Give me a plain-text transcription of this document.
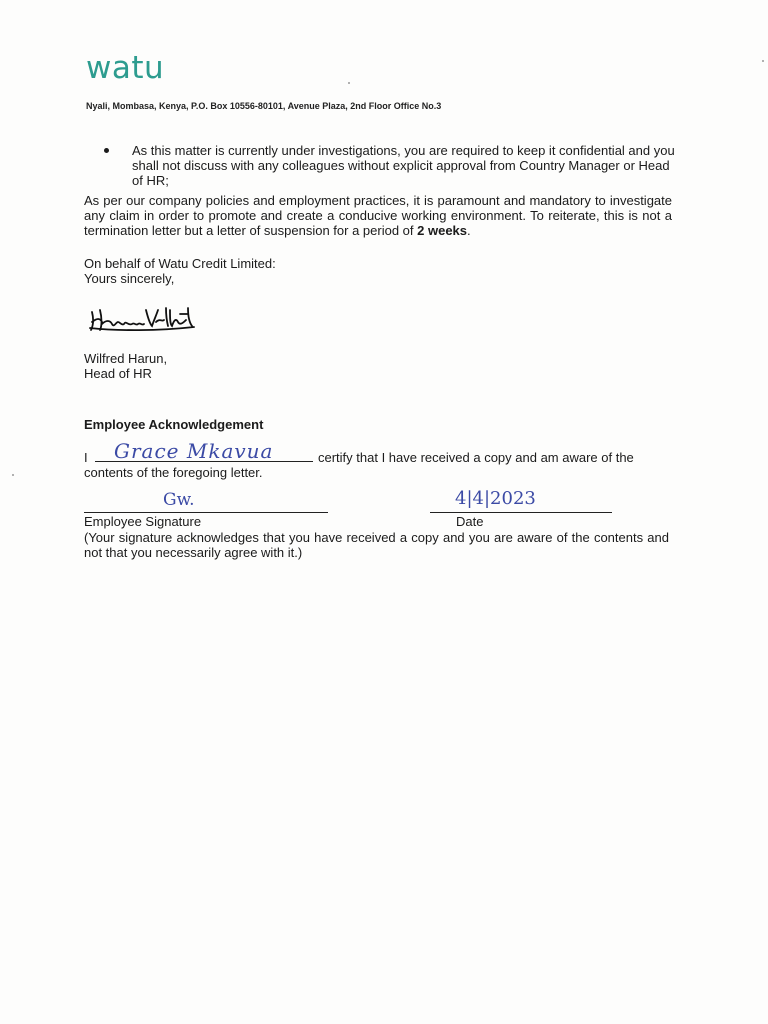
watu
Nyali, Mombasa, Kenya, P.O. Box 10556-80101, Avenue Plaza, 2nd Floor Office No.3
As this matter is currently under investigations, you are required to keep it confidential and you shall not discuss with any colleagues without explicit approval from Country Manager or Head of HR;
As per our company policies and employment practices, it is paramount and mandatory to investigate any claim in order to promote and create a conducive working environment. To reiterate, this is not a termination letter but a letter of suspension for a period of 2 weeks.
On behalf of Watu Credit Limited:
Yours sincerely,
Wilfred Harun,
Head of HR
Employee Acknowledgement
I Grace Mkavua	certify that I have received a copy and am aware of the
contents of the foregoing letter.
Gw.
Employee Signature
4|4|2023
Date
(Your signature acknowledges that you have received a copy and you are aware of the contents and not that you necessarily agree with it.)
